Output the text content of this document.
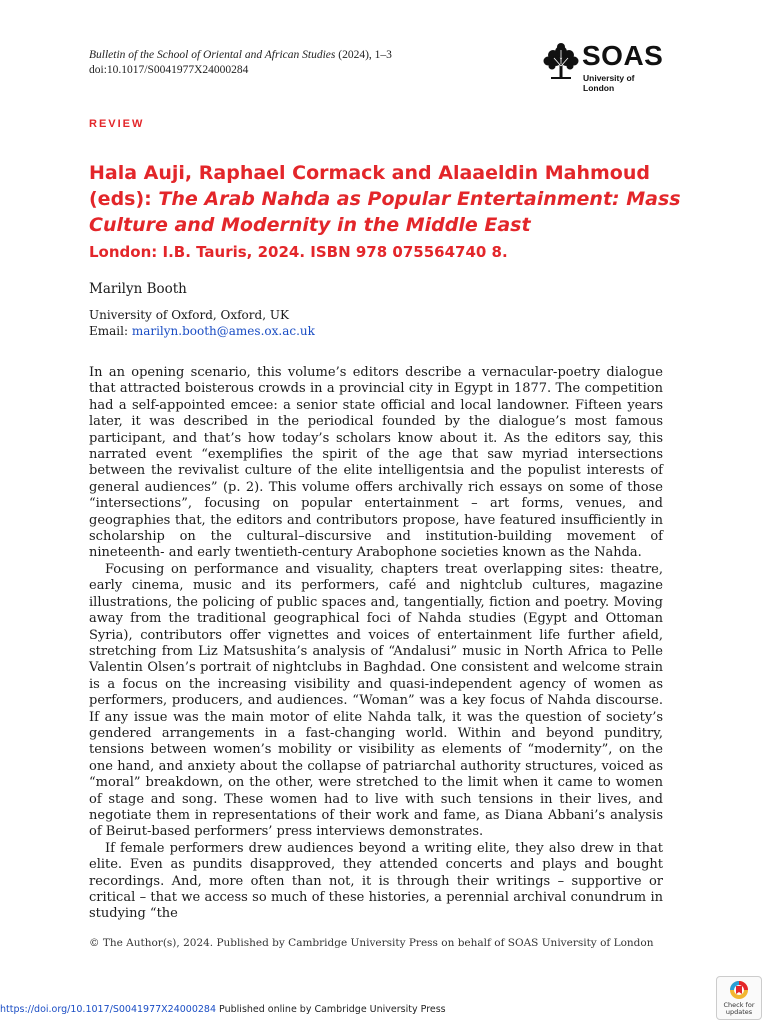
Bulletin of the School of Oriental and African Studies (2024), 1–3
doi:10.1017/S0041977X24000284	SOAS
University of London
REVIEW
Hala Auji, Raphael Cormack and Alaaeldin Mahmoud (eds): The Arab Nahda as Popular Entertainment: Mass Culture and Modernity in the Middle East
London: I.B. Tauris, 2024. ISBN 978 075564740 8.
Marilyn Booth
University of Oxford, Oxford, UK
Email: marilyn.booth@ames.ox.ac.uk

In an opening scenario, this volume’s editors describe a vernacular-poetry dialogue that attracted boisterous crowds in a provincial city in Egypt in 1877. The competition had a self-appointed emcee: a senior state official and local landowner. Fifteen years later, it was described in the periodical founded by the dialogue’s most famous participant, and that’s how today’s scholars know about it. As the editors say, this narrated event “exemplifies the spirit of the age that saw myriad intersections between the revivalist culture of the elite intelligentsia and the populist interests of general audiences” (p. 2). This volume offers archivally rich essays on some of those “intersections”, focusing on popular entertainment – art forms, venues, and geographies that, the editors and contributors propose, have featured insufficiently in scholarship on the cultural–discursive and institution-building movement of nineteenth- and early twentieth-century Arabophone societies known as the Nahda.

Focusing on performance and visuality, chapters treat overlapping sites: theatre, early cinema, music and its performers, café and nightclub cultures, magazine illustrations, the policing of public spaces and, tangentially, fiction and poetry. Moving away from the traditional geographical foci of Nahda studies (Egypt and Ottoman Syria), contributors offer vignettes and voices of entertainment life further afield, stretching from Liz Matsushita’s analysis of “Andalusi” music in North Africa to Pelle Valentin Olsen’s portrait of nightclubs in Baghdad. One consistent and welcome strain is a focus on the increasing visibility and quasi-independent agency of women as performers, producers, and audiences. “Woman” was a key focus of Nahda discourse. If any issue was the main motor of elite Nahda talk, it was the question of society’s gendered arrangements in a fast-changing world. Within and beyond punditry, tensions between women’s mobility or visibility as elements of “modernity”, on the one hand, and anxiety about the collapse of patriarchal authority structures, voiced as “moral” breakdown, on the other, were stretched to the limit when it came to women of stage and song. These women had to live with such tensions in their lives, and negotiate them in representations of their work and fame, as Diana Abbani’s analysis of Beirut-based performers’ press interviews demonstrates.

If female performers drew audiences beyond a writing elite, they also drew in that elite. Even as pundits disapproved, they attended concerts and plays and bought recordings. And, more often than not, it is through their writings – supportive or critical – that we access so much of these histories, a perennial archival conundrum in studying “the

© The Author(s), 2024. Published by Cambridge University Press on behalf of SOAS University of London
https://doi.org/10.1017/S0041977X24000284 Published online by Cambridge University Press	Check for
updates
